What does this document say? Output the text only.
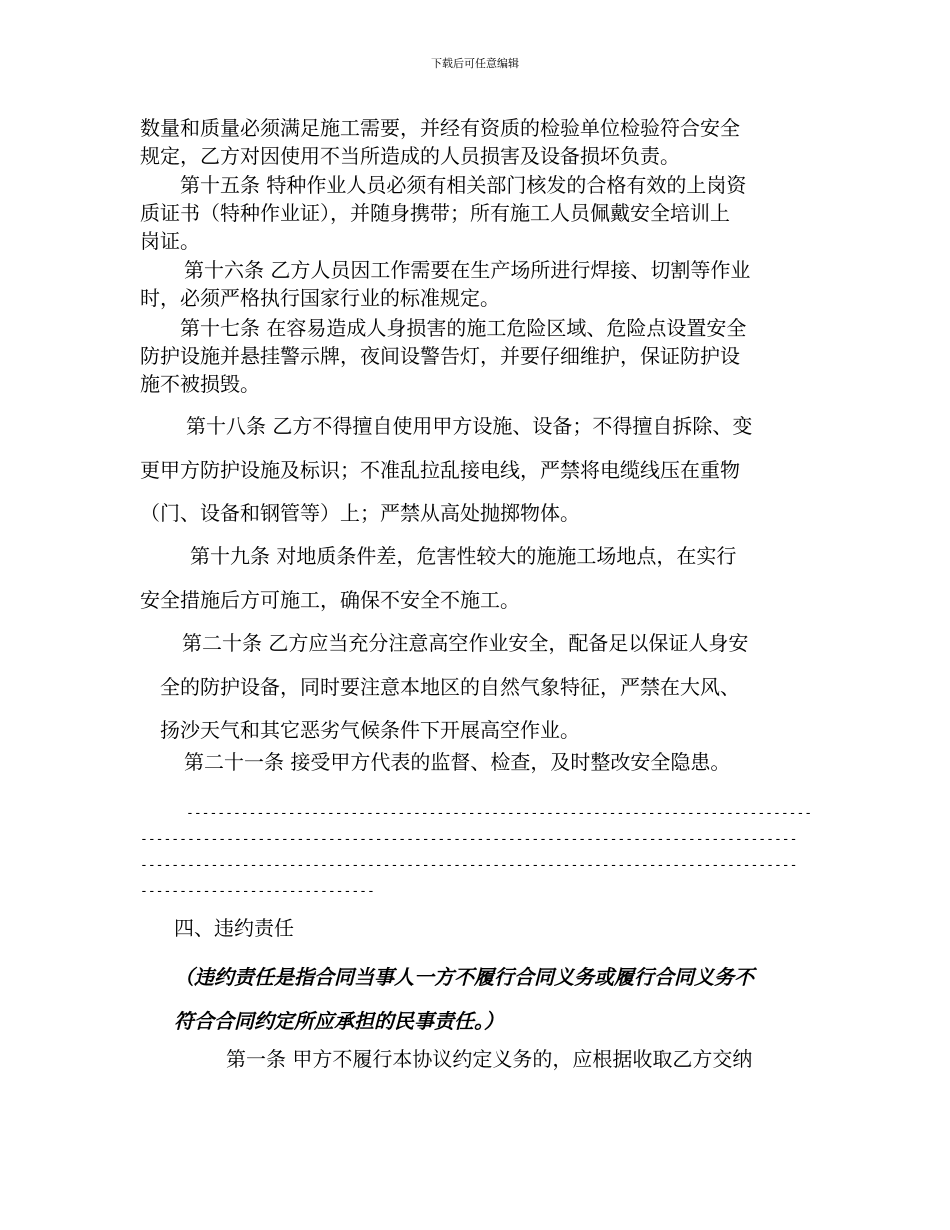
下载后可任意编辑
数量和质量必须满足施工需要，并经有资质的检验单位检验符合安全
规定，乙方对因使用不当所造成的人员损害及设备损坏负责。
第十五条 特种作业人员必须有相关部门核发的合格有效的上岗资
质证书（特种作业证），并随身携带；所有施工人员佩戴安全培训上
岗证。
第十六条 乙方人员因工作需要在生产场所进行焊接、切割等作业
时，必须严格执行国家行业的标准规定。
第十七条 在容易造成人身损害的施工危险区域、危险点设置安全
防护设施并悬挂警示牌，夜间设警告灯，并要仔细维护，保证防护设
施不被损毁。
第十八条 乙方不得擅自使用甲方设施、设备；不得擅自拆除、变
更甲方防护设施及标识；不准乱拉乱接电线，严禁将电缆线压在重物
（门、设备和钢管等）上；严禁从高处抛掷物体。
第十九条 对地质条件差，危害性较大的施施工场地点，在实行
安全措施后方可施工，确保不安全不施工。
第二十条 乙方应当充分注意高空作业安全，配备足以保证人身安
全的防护设备，同时要注意本地区的自然气象特征，严禁在大风、
扬沙天气和其它恶劣气候条件下开展高空作业。
第二十一条 接受甲方代表的监督、检查，及时整改安全隐患。
--------------------------------------------------------------------------------
------------------------------------------------------------------------------------
------------------------------------------------------------------------------------
------------------------------
四、违约责任
（违约责任是指合同当事人一方不履行合同义务或履行合同义务不
符合合同约定所应承担的民事责任。）
第一条 甲方不履行本协议约定义务的，应根据收取乙方交纳
